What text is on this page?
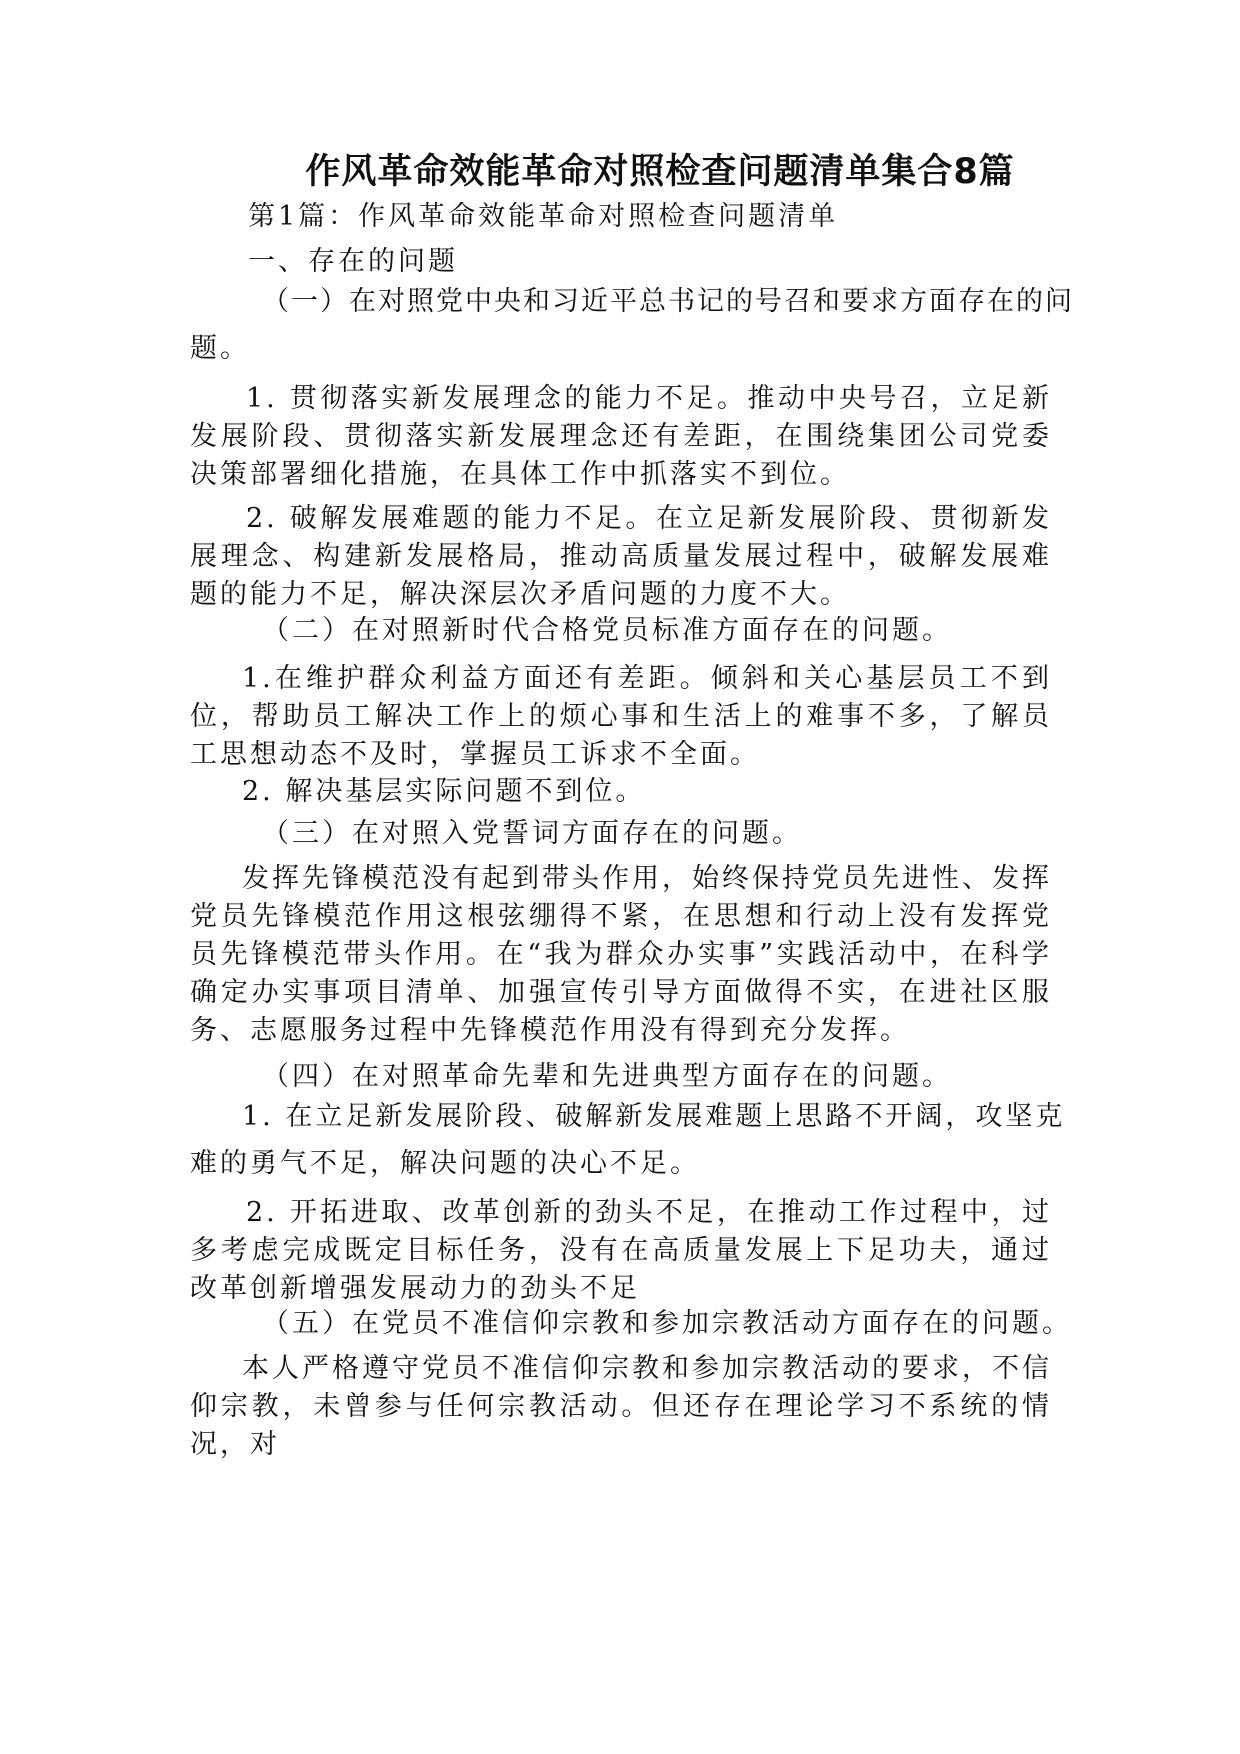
作风革命效能革命对照检查问题清单集合8篇
第1篇：作风革命效能革命对照检查问题清单
一、存在的问题
（一）在对照党中央和习近平总书记的号召和要求方面存在的问
题。
1. 贯彻落实新发展理念的能力不足。推动中央号召，立足新发展阶段、贯彻落实新发展理念还有差距，在围绕集团公司党委决策部署细化措施，在具体工作中抓落实不到位。
2. 破解发展难题的能力不足。在立足新发展阶段、贯彻新发展理念、构建新发展格局，推动高质量发展过程中，破解发展难题的能力不足，解决深层次矛盾问题的力度不大。
（二）在对照新时代合格党员标准方面存在的问题。
1.在维护群众利益方面还有差距。倾斜和关心基层员工不到位，帮助员工解决工作上的烦心事和生活上的难事不多，了解员工思想动态不及时，掌握员工诉求不全面。
2. 解决基层实际问题不到位。
（三）在对照入党誓词方面存在的问题。
发挥先锋模范没有起到带头作用，始终保持党员先进性、发挥党员先锋模范作用这根弦绷得不紧，在思想和行动上没有发挥党员先锋模范带头作用。在“我为群众办实事”实践活动中，在科学确定办实事项目清单、加强宣传引导方面做得不实，在进社区服务、志愿服务过程中先锋模范作用没有得到充分发挥。
（四）在对照革命先辈和先进典型方面存在的问题。
1. 在立足新发展阶段、破解新发展难题上思路不开阔，攻坚克
难的勇气不足，解决问题的决心不足。
2. 开拓进取、改革创新的劲头不足，在推动工作过程中，过多考虑完成既定目标任务，没有在高质量发展上下足功夫，通过改革创新增强发展动力的劲头不足
（五）在党员不准信仰宗教和参加宗教活动方面存在的问题。
本人严格遵守党员不准信仰宗教和参加宗教活动的要求，不信仰宗教，未曾参与任何宗教活动。但还存在理论学习不系统的情况，对
